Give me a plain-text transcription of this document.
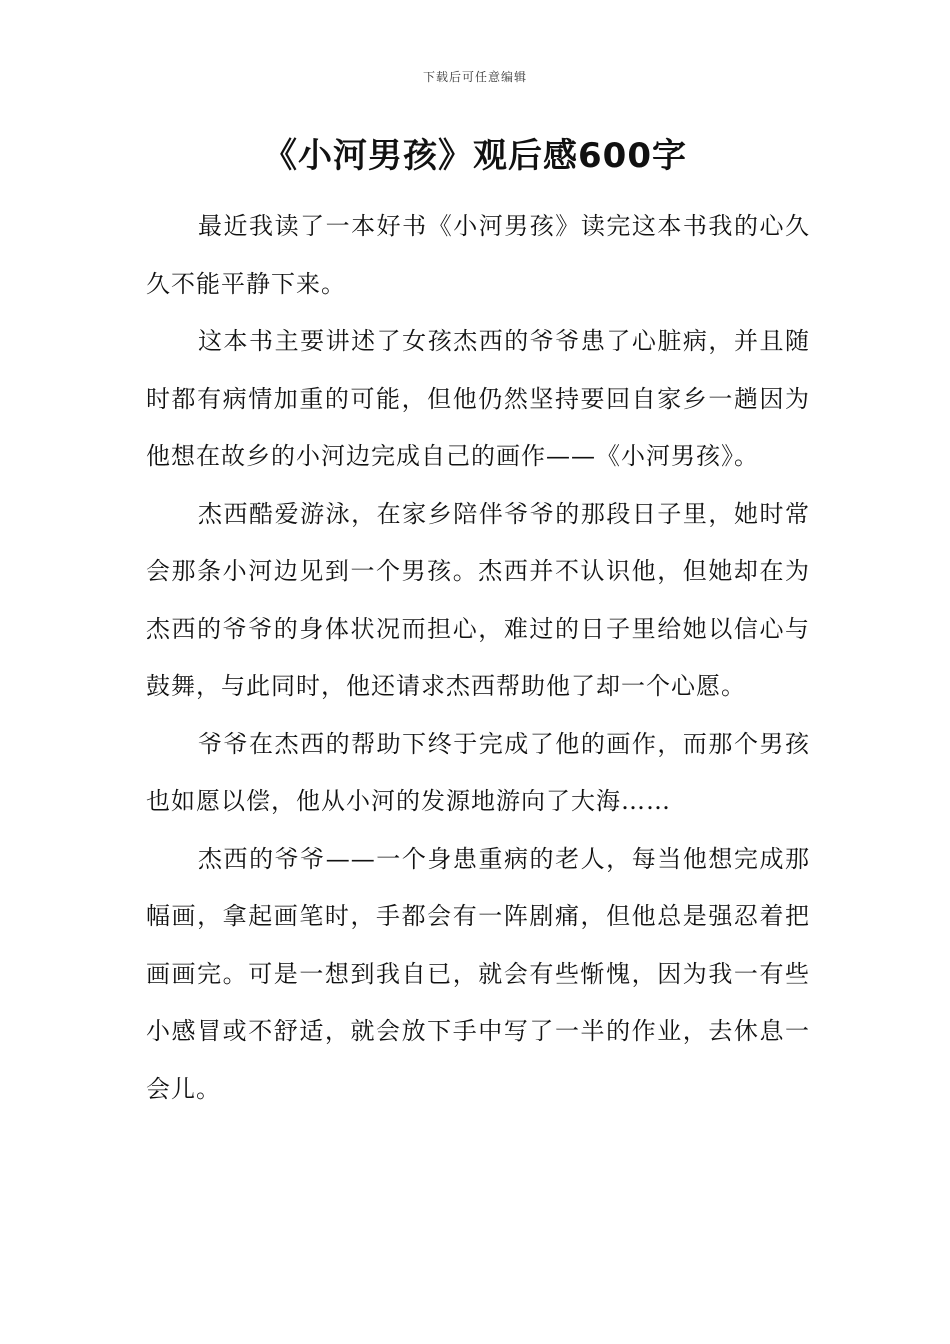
下载后可任意编辑
《小河男孩》观后感600字

最近我读了一本好书《小河男孩》读完这本书我的心久久不能平静下来。

这本书主要讲述了女孩杰西的爷爷患了心脏病，并且随时都有病情加重的可能，但他仍然坚持要回自家乡一趟因为他想在故乡的小河边完成自己的画作——《小河男孩》。

杰西酷爱游泳，在家乡陪伴爷爷的那段日子里，她时常会那条小河边见到一个男孩。杰西并不认识他，但她却在为杰西的爷爷的身体状况而担心，难过的日子里给她以信心与鼓舞，与此同时，他还请求杰西帮助他了却一个心愿。

爷爷在杰西的帮助下终于完成了他的画作，而那个男孩也如愿以偿，他从小河的发源地游向了大海……

杰西的爷爷——一个身患重病的老人，每当他想完成那幅画，拿起画笔时，手都会有一阵剧痛，但他总是强忍着把画画完。可是一想到我自已，就会有些惭愧，因为我一有些小感冒或不舒适，就会放下手中写了一半的作业，去休息一会儿。
